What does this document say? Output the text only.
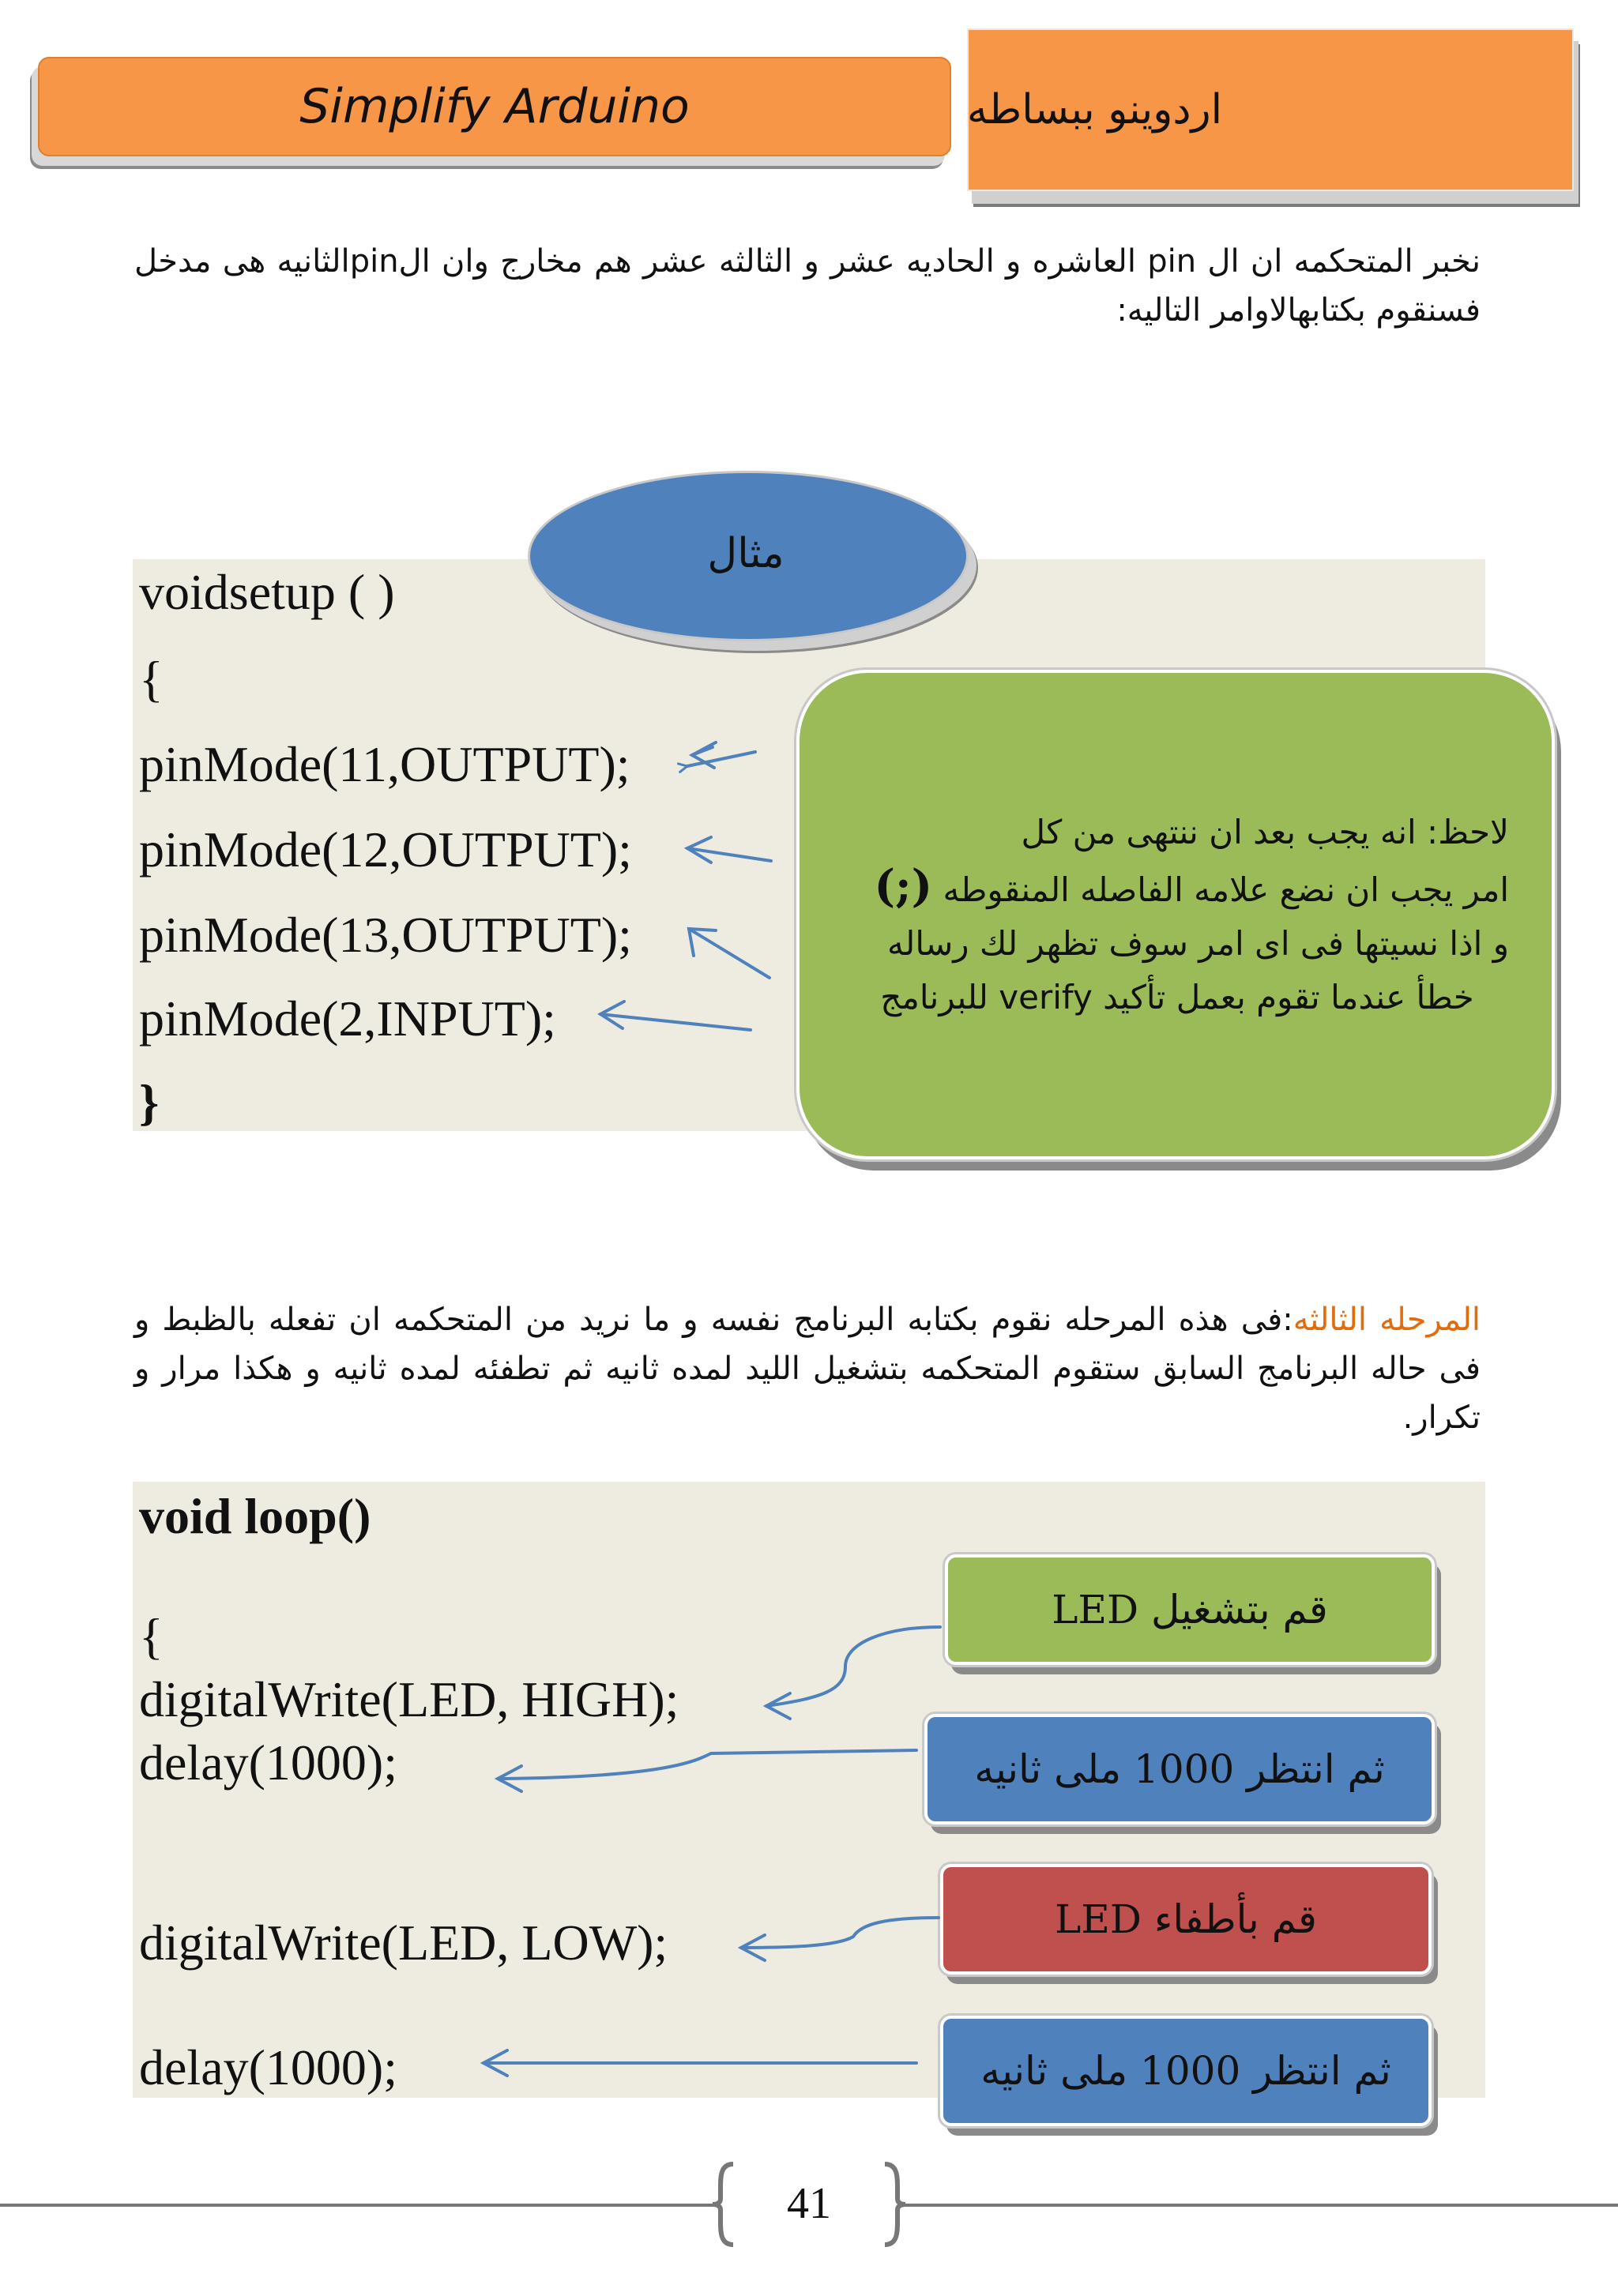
اردوينو ببساطه
Simplify Arduino
نخبر المتحكمه ان ال pin العاشره و الحاديه عشر و الثالثه عشر هم مخارج وان الpinالثانيه هى مدخل فسنقوم بكتابهالاوامر التاليه:
voidsetup ( )
{
pinMode(11,OUTPUT);
pinMode(12,OUTPUT);
pinMode(13,OUTPUT);
pinMode(2,INPUT);
}
مثال
لاحظ: انه يجب بعد ان ننتهى من كل
امر يجب ان نضع علامه الفاصله المنقوطه (;)
و اذا نسيتها فى اى امر سوف تظهر لك رساله
خطأ عندما تقوم بعمل تأكيد verify للبرنامج
المرحله الثالثه:فى هذه المرحله نقوم بكتابه البرنامج نفسه و ما نريد من المتحكمه ان تفعله بالظبط و فى حاله البرنامج السابق ستقوم المتحكمه بتشغيل الليد لمده ثانيه ثم تطفئه لمده ثانيه و هكذا مرار و تكرار.
void loop()
{
digitalWrite(LED, HIGH);
delay(1000);
digitalWrite(LED, LOW);
delay(1000);
قم بتشغيل LED
ثم انتظر 1000 ملى ثانيه
قم بأطفاء LED
ثم انتظر 1000 ملى ثانيه
41
